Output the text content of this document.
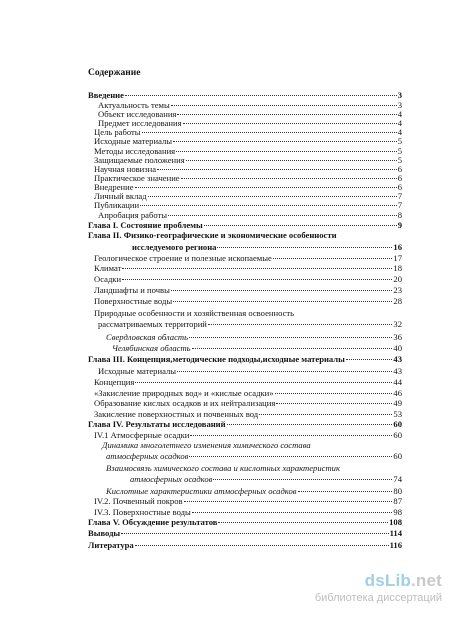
Содержание
Введение	3
Актуальность темы	3
Объект исследования	4
Предмет исследования	4
Цель работы	4
Исходные материалы	5
Методы исследования	5
Защищаемые положения	5
Научная новизна	6
Практическое значение	6
Внедрение	6
Личный вклад	7
Публикации	7
Апробация работы	8
Глава I. Состояние проблемы	9
Глава II. Физико-географические и экономические особенности
исследуемого региона	16
Геологическое строение и полезные ископаемые	17
Климат	18
Осадки	20
Ландшафты и почвы	23
Поверхностные воды	28
Природные особенности и хозяйственная освоенность
рассматриваемых территорий	32
Свердловская область	36
Челябинская область	40
Глава III. Концепция,методические подходы,исходные материалы	43
Исходные материалы	43
Концепция	44
«Закисление природных вод» и «кислые осадки»	46
Образование кислых осадков и их нейтрализация	49
Закисление поверхностных и почвенных вод	53
Глава IV. Результаты исследований	60
IV.1 Атмосферные осадки	60
Динамика многолетнего изменения химического состава
атмосферных осадков	60
Взаимосвязь химического состава и кислотных характеристик
атмосферных осадков	74
Кислотные характеристики атмосферных осадков	80
IV.2. Почвенный покров	87
IV.3. Поверхностные воды	98
Глава V. Обсуждение результатов	108
Выводы	114
Литература	116
dsLib.net
библиотека диссертаций
